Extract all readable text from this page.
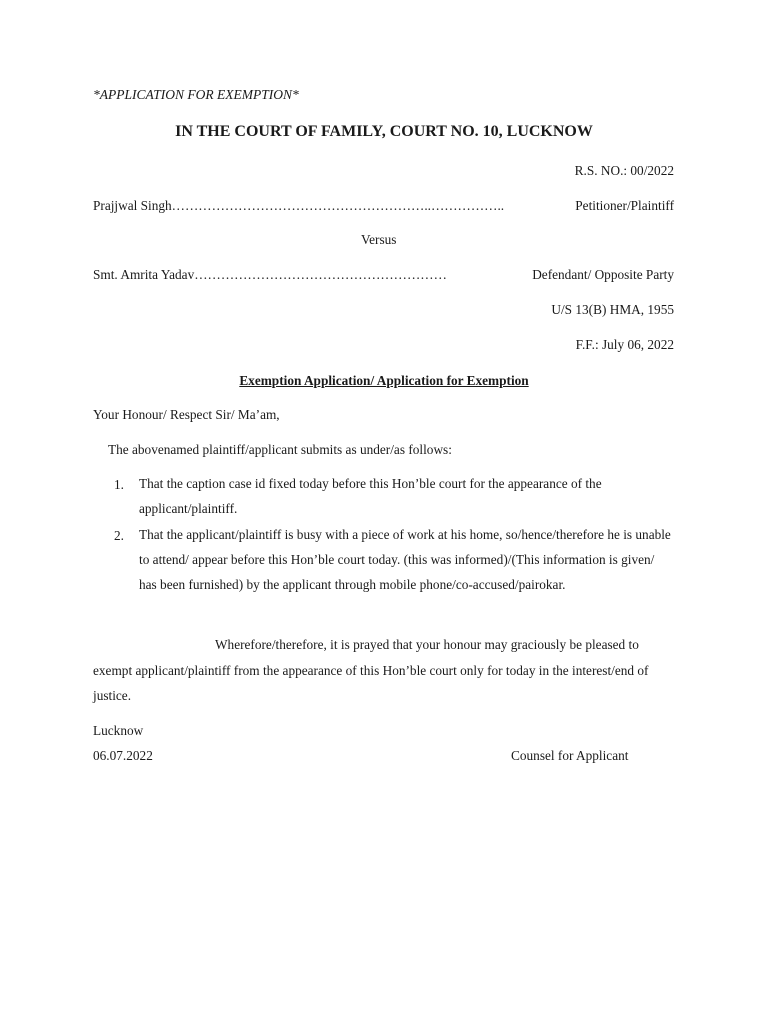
*APPLICATION FOR EXEMPTION*
IN THE COURT OF FAMILY, COURT NO. 10, LUCKNOW
R.S. NO.: 00/2022
Prajjwal Singh …………………………………………………..……………..	Petitioner/Plaintiff
Versus
Smt. Amrita Yadav …………………………………………………	Defendant/ Opposite Party
U/S 13(B) HMA, 1955
F.F.: July 06, 2022
Exemption Application/ Application for Exemption
Your Honour/ Respect Sir/ Ma’am,
The abovenamed plaintiff/applicant submits as under/as follows:
1. That the caption case id fixed today before this Hon’ble court for the appearance of the applicant/plaintiff.
2. That the applicant/plaintiff is busy with a piece of work at his home, so/hence/therefore he is unable to attend/ appear before this Hon’ble court today. (this was informed)/(This information is given/ has been furnished) by the applicant through mobile phone/co-accused/pairokar.
Wherefore/therefore, it is prayed that your honour may graciously be pleased to exempt applicant/plaintiff from the appearance of this Hon’ble court only for today in the interest/end of justice.
Lucknow
06.07.2022	Counsel for Applicant
